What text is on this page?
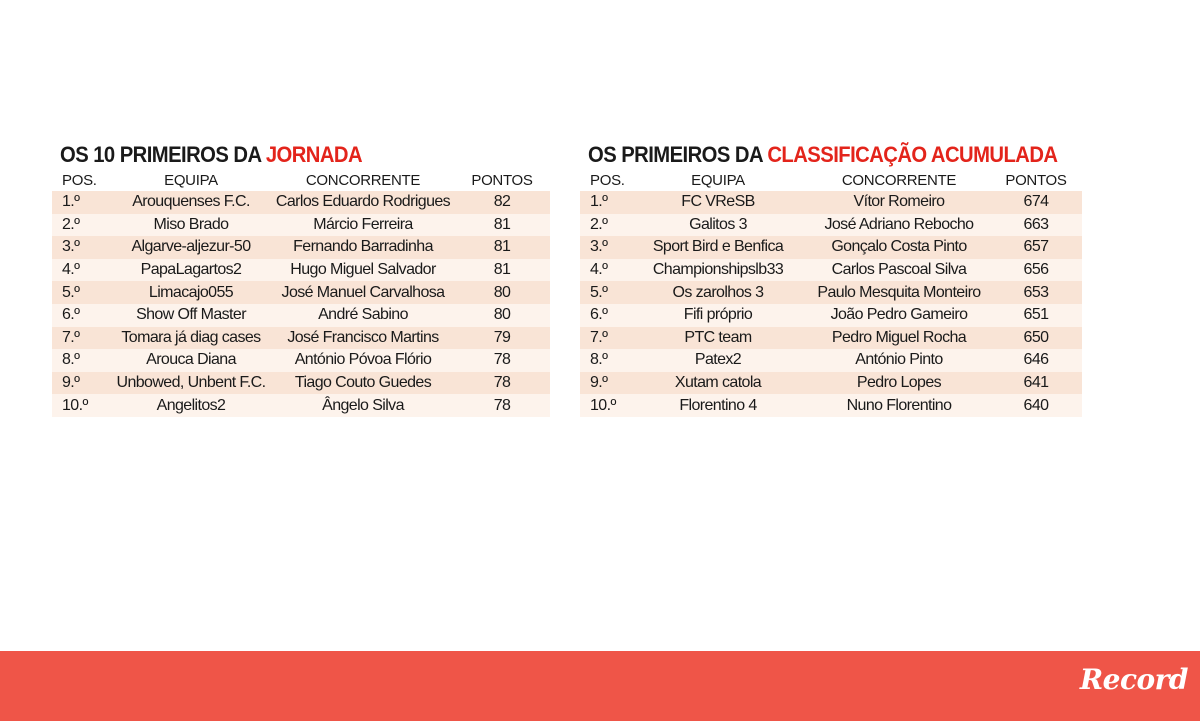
OS 10 PRIMEIROS DA JORNADA
POS.	EQUIPA	CONCORRENTE	PONTOS
1.º	Arouquenses F.C.	Carlos Eduardo Rodrigues	82
2.º	Miso Brado	Márcio Ferreira	81
3.º	Algarve-aljezur-50	Fernando Barradinha	81
4.º	PapaLagartos2	Hugo Miguel Salvador	81
5.º	Limacajo055	José Manuel Carvalhosa	80
6.º	Show Off Master	André Sabino	80
7.º	Tomara já diag cases	José Francisco Martins	79
8.º	Arouca Diana	António Póvoa Flório	78
9.º	Unbowed, Unbent F.C.	Tiago Couto Guedes	78
10.º	Angelitos2	Ângelo Silva	78
OS PRIMEIROS DA CLASSIFICAÇÃO ACUMULADA
POS.	EQUIPA	CONCORRENTE	PONTOS
1.º	FC VReSB	Vítor Romeiro	674
2.º	Galitos 3	José Adriano Rebocho	663
3.º	Sport Bird e Benfica	Gonçalo Costa Pinto	657
4.º	Championshipslb33	Carlos Pascoal Silva	656
5.º	Os zarolhos 3	Paulo Mesquita Monteiro	653
6.º	Fifi próprio	João Pedro Gameiro	651
7.º	PTC team	Pedro Miguel Rocha	650
8.º	Patex2	António Pinto	646
9.º	Xutam catola	Pedro Lopes	641
10.º	Florentino 4	Nuno Florentino	640
Record
